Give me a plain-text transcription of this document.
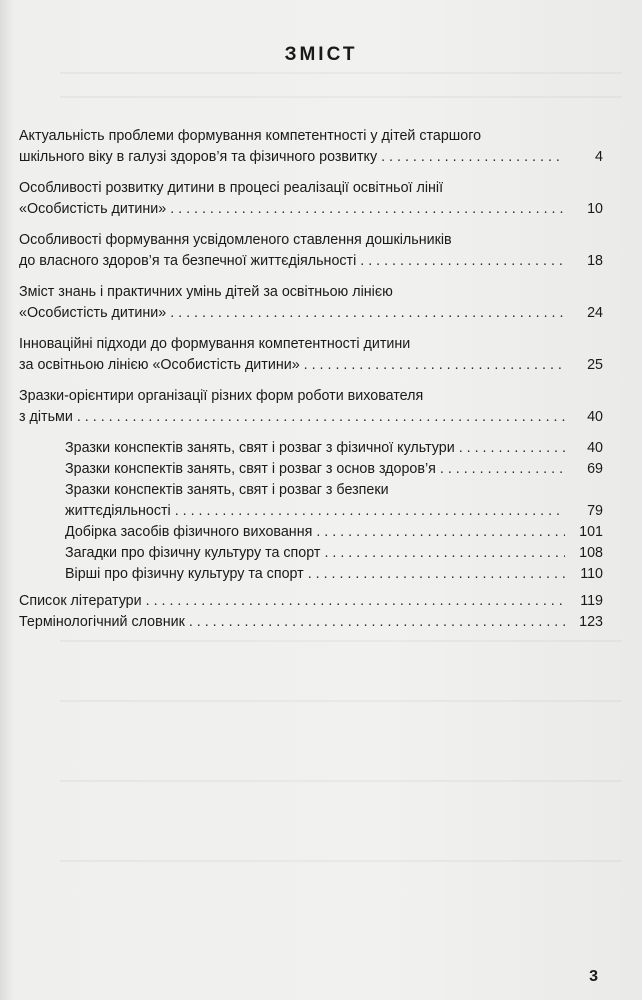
ЗМІСТ
Актуальність проблеми формування компетентності у дітей старшого
шкільного віку в галузі здоров’я та фізичного розвитку . . .	4
Особливості розвитку дитини в процесі реалізації освітньої лінії
«Особистість дитини» . . .	10
Особливості формування усвідомленого ставлення дошкільників
до власного здоров’я та безпечної життєдіяльності . . .	18
Зміст знань і практичних умінь дітей за освітньою лінією
«Особистість дитини» . . .	24
Інноваційні підходи до формування компетентності дитини
за освітньою лінією «Особистість дитини» . . .	25
Зразки-орієнтири організації різних форм роботи вихователя
з дітьми . . .	40
Зразки конспектів занять, свят і розваг з фізичної культури . . .	40
Зразки конспектів занять, свят і розваг з основ здоров’я . . .	69
Зразки конспектів занять, свят і розваг з безпеки
життєдіяльності . . .	79
Добірка засобів фізичного виховання . . .	101
Загадки про фізичну культуру та спорт . . .	108
Вірші про фізичну культуру та спорт . . .	110
Список літератури . . .	119
Термінологічний словник . . .	123
3
